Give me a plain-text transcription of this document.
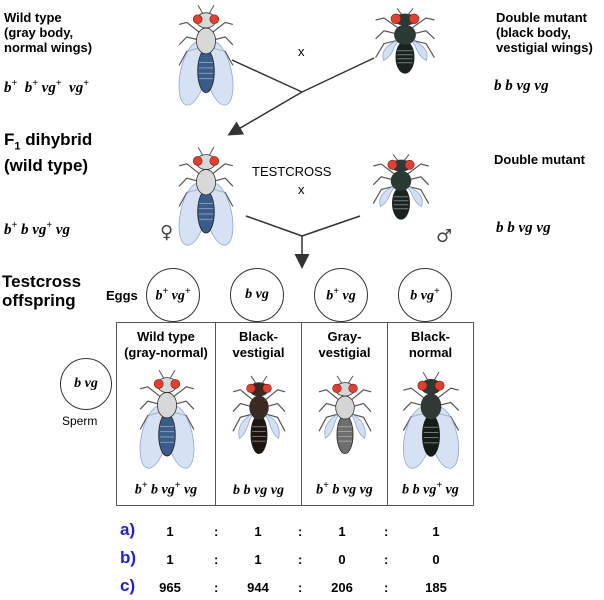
Wild type
(gray body,
normal wings)
Double mutant
(black body,
vestigial wings)
b+ b+ vg+ vg+	b b vg vg
x
$F_1$ dihybrid
(wild type)	TESTCROSS
x
Double mutant
b+ b vg+ vg	b b vg vg
♀	♂
Testcross
offspring	Eggs b+ vg+	b vg	b+ vg	b vg+
b vg
Sperm
Wild type
(gray-normal)
b+ b vg+ vg
Black-
vestigial
b b vg vg
Gray-
vestigial
b+ b vg vg
Black-
normal
b b vg+ vg
a)	1	:	1	:	1	:	1
b)	1	:	1	:	0	:	0
c)	965	:	944	:	206	:	185
